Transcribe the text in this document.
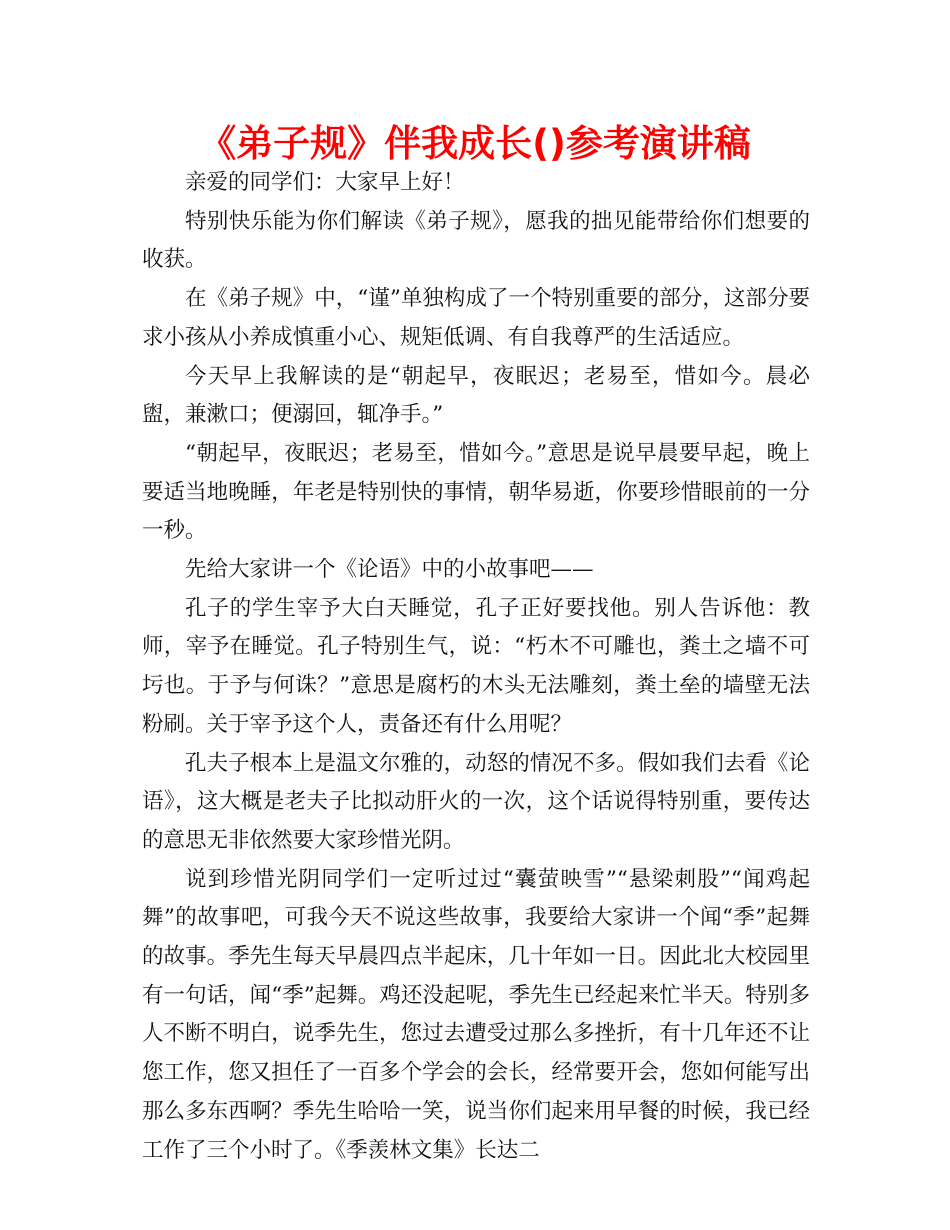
《弟子规》伴我成长()参考演讲稿

亲爱的同学们：大家早上好！

特别快乐能为你们解读《弟子规》，愿我的拙见能带给你们想要的收获。

在《弟子规》中，“谨”单独构成了一个特别重要的部分，这部分要求小孩从小养成慎重小心、规矩低调、有自我尊严的生活适应。

今天早上我解读的是“朝起早，夜眠迟；老易至，惜如今。晨必盥，兼漱口；便溺回，辄净手。”

“朝起早，夜眠迟；老易至，惜如今。”意思是说早晨要早起，晚上要适当地晚睡，年老是特别快的事情，朝华易逝，你要珍惜眼前的一分一秒。

先给大家讲一个《论语》中的小故事吧——

孔子的学生宰予大白天睡觉，孔子正好要找他。别人告诉他：教师，宰予在睡觉。孔子特别生气，说：“朽木不可雕也，粪土之墙不可圬也。于予与何诛？”意思是腐朽的木头无法雕刻，粪土垒的墙壁无法粉刷。关于宰予这个人，责备还有什么用呢？

孔夫子根本上是温文尔雅的，动怒的情况不多。假如我们去看《论语》，这大概是老夫子比拟动肝火的一次，这个话说得特别重，要传达的意思无非依然要大家珍惜光阴。

说到珍惜光阴同学们一定听过过“囊萤映雪”“悬梁刺股”“闻鸡起舞”的故事吧，可我今天不说这些故事，我要给大家讲一个闻“季”起舞的故事。季先生每天早晨四点半起床，几十年如一日。因此北大校园里有一句话，闻“季”起舞。鸡还没起呢，季先生已经起来忙半天。特别多人不断不明白，说季先生，您过去遭受过那么多挫折，有十几年还不让您工作，您又担任了一百多个学会的会长，经常要开会，您如何能写出那么多东西啊？季先生哈哈一笑，说当你们起来用早餐的时候，我已经工作了三个小时了。《季羡林文集》长达二
